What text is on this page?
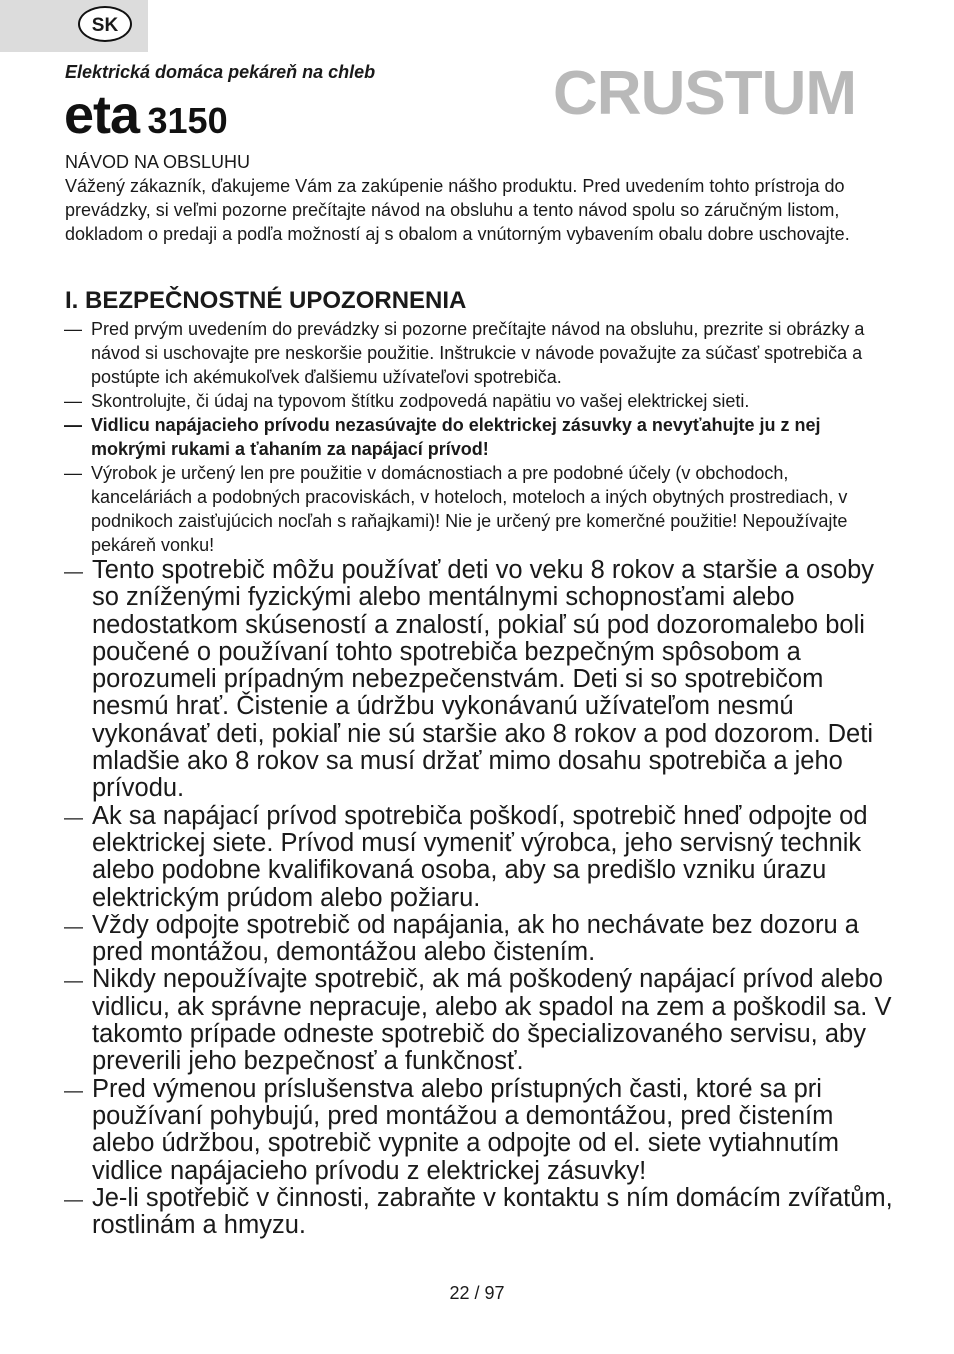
SK
Elektrická domáca pekáreň na chleb
eta 3150	CRUSTUM

NÁVOD NA OBSLUHU

Vážený zákazník, ďakujeme Vám za zakúpenie nášho produktu. Pred uvedením tohto prístroja do prevádzky, si veľmi pozorne prečítajte návod na obsluhu a tento návod spolu so záručným listom, dokladom o predaji a podľa možností aj s obalom a vnútorným vybavením obalu dobre uschovajte.

I. BEZPEČNOSTNÉ UPOZORNENIA
— Pred prvým uvedením do prevádzky si pozorne prečítajte návod na obsluhu, prezrite si obrázky a návod si uschovajte pre neskoršie použitie. Inštrukcie v návode považujte za súčasť spotrebiča a postúpte ich akémukoľvek ďalšiemu užívateľovi spotrebiča.
— Skontrolujte, či údaj na typovom štítku zodpovedá napätiu vo vašej elektrickej sieti.
— Vidlicu napájacieho prívodu nezasúvajte do elektrickej zásuvky a nevyťahujte ju z nej mokrými rukami a ťahaním za napájací prívod!
— Výrobok je určený len pre použitie v domácnostiach a pre podobné účely (v obchodoch, kanceláriách a podobných pracoviskách, v hoteloch, moteloch a iných obytných prostrediach, v podnikoch zaisťujúcich nocľah s raňajkami)! Nie je určený pre komerčné použitie! Nepoužívajte pekáreň vonku!
— Tento spotrebič môžu používať deti vo veku 8 rokov a staršie a osoby so zníženými fyzickými alebo mentálnymi schopnosťami alebo nedostatkom skúseností a znalostí, pokiaľ sú pod dozoromalebo boli poučené o používaní tohto spotrebiča bezpečným spôsobom a porozumeli prípadným nebezpečenstvám. Deti si so spotrebičom nesmú hrať. Čistenie a údržbu vykonávanú užívateľom nesmú vykonávať deti, pokiaľ nie sú staršie ako 8 rokov a pod dozorom. Deti mladšie ako 8 rokov sa musí držať mimo dosahu spotrebiča a jeho prívodu.
— Ak sa napájací prívod spotrebiča poškodí, spotrebič hneď odpojte od elektrickej siete. Prívod musí vymeniť výrobca, jeho servisný technik alebo podobne kvalifikovaná osoba, aby sa predišlo vzniku úrazu elektrickým prúdom alebo požiaru.
— Vždy odpojte spotrebič od napájania, ak ho nechávate bez dozoru a pred montážou, demontážou alebo čistením.
— Nikdy nepoužívajte spotrebič, ak má poškodený napájací prívod alebo vidlicu, ak správne nepracuje, alebo ak spadol na zem a poškodil sa. V takomto prípade odneste spotrebič do špecializovaného servisu, aby preverili jeho bezpečnosť a funkčnosť.
— Pred výmenou príslušenstva alebo prístupných časti, ktoré sa pri používaní pohybujú, pred montážou a demontážou, pred čistením alebo údržbou, spotrebič vypnite a odpojte od el. siete vytiahnutím vidlice napájacieho prívodu z elektrickej zásuvky!
— Je-li spotřebič v činnosti, zabraňte v kontaktu s ním domácím zvířatům, rostlinám a hmyzu.
22 / 97
